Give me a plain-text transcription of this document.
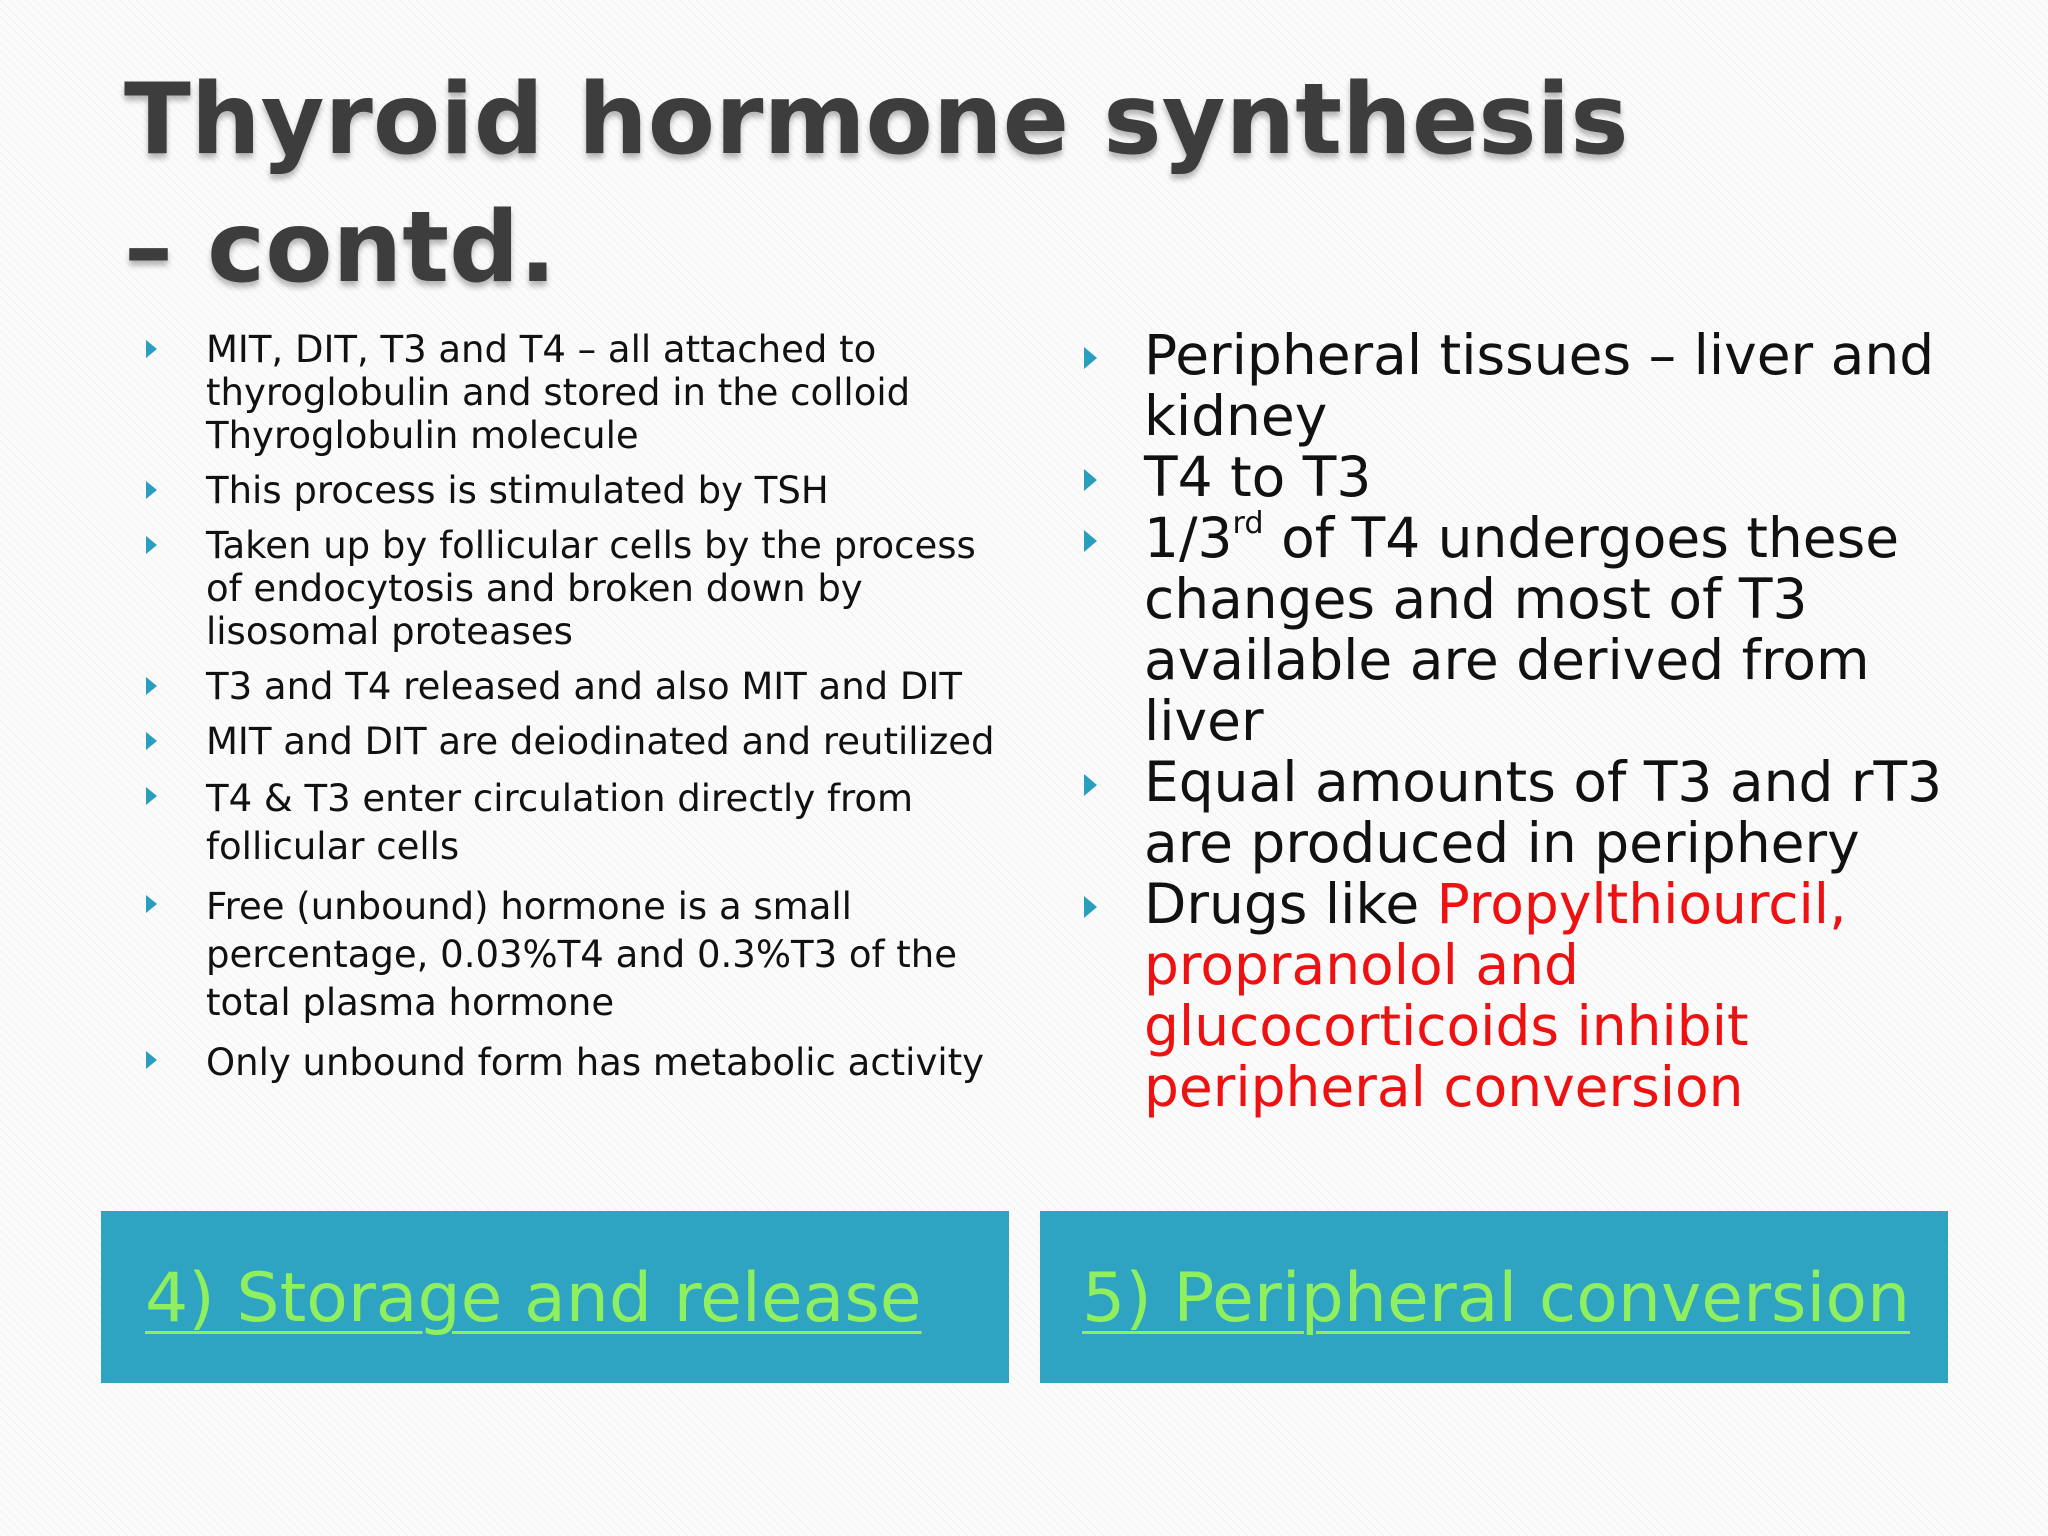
Thyroid hormone synthesis – contd.
MIT, DIT, T3 and T4 – all attached to thyroglobulin and stored in the colloid Thyroglobulin molecule
This process is stimulated by TSH
Taken up by follicular cells by the process of endocytosis and broken down by lisosomal proteases
T3 and T4 released and also MIT and DIT
MIT and DIT are deiodinated and reutilized
T4 & T3 enter circulation directly from follicular cells
Free (unbound) hormone is a small percentage, 0.03%T4 and 0.3%T3 of the total plasma hormone
Only unbound form has metabolic activity
Peripheral tissues – liver and kidney
T4 to T3
1/3rd of T4 undergoes these changes and most of T3 available are derived from liver
Equal amounts of T3 and rT3 are produced in periphery
Drugs like Propylthiourcil, propranolol and glucocorticoids inhibit peripheral conversion
4) Storage and release 5) Peripheral conversion
